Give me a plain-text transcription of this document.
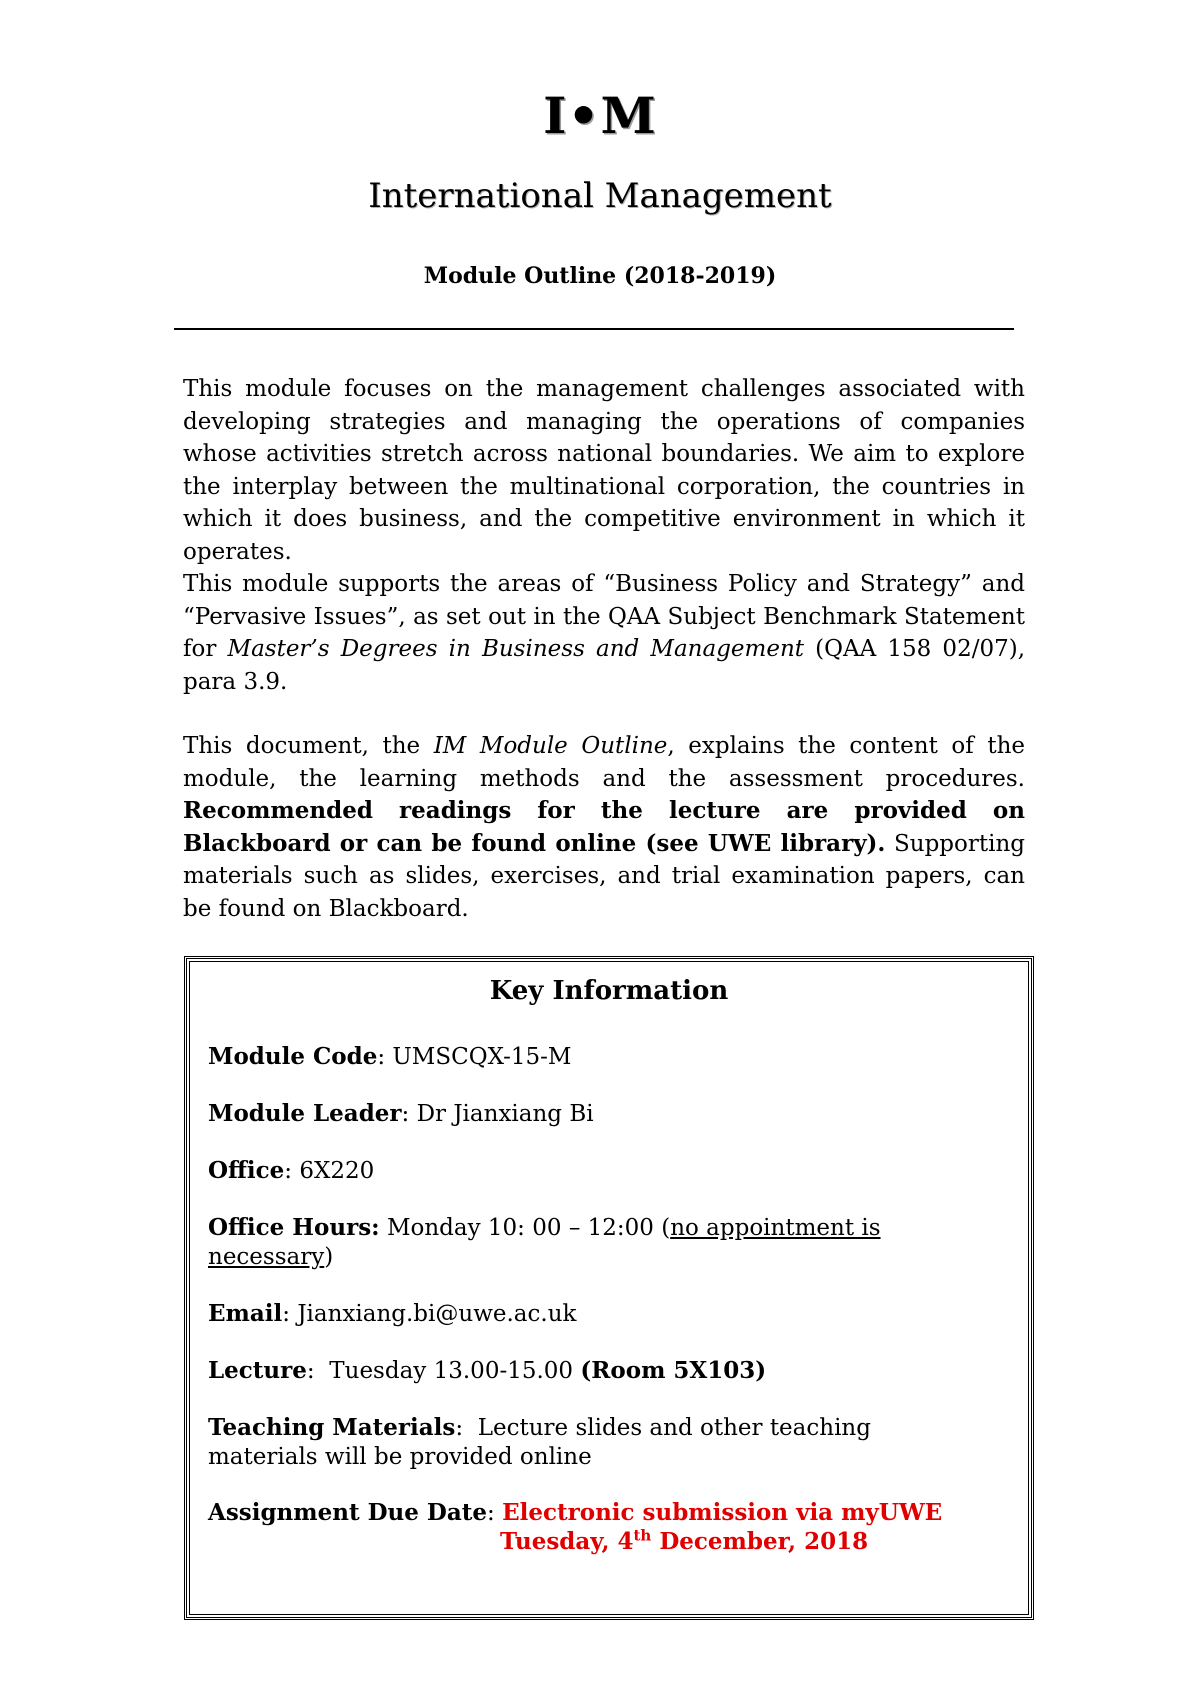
I•M
International Management
Module Outline (2018-2019)

This module focuses on the management challenges associated with developing strategies and managing the operations of companies whose activities stretch across national boundaries. We aim to explore the interplay between the multinational corporation, the countries in which it does business, and the competitive environment in which it operates.

This module supports the areas of “Business Policy and Strategy” and “Pervasive Issues”, as set out in the QAA Subject Benchmark Statement for Master’s Degrees in Business and Management (QAA 158 02/07), para 3.9.

This document, the IM Module Outline, explains the content of the module, the learning methods and the assessment procedures. Recommended readings for the lecture are provided on Blackboard or can be found online (see UWE library). Supporting materials such as slides, exercises, and trial examination papers, can be found on Blackboard.

Key Information
Module Code: UMSCQX-15-M
Module Leader: Dr Jianxiang Bi
Office: 6X220
Office Hours: Monday 10: 00 – 12:00 (no appointment is necessary)
Email: Jianxiang.bi@uwe.ac.uk
Lecture:  Tuesday 13.00-15.00 (Room 5X103)
Teaching Materials:  Lecture slides and other teaching materials will be provided online
Assignment Due Date: Electronic submission via myUWE
Tuesday, 4th December, 2018
